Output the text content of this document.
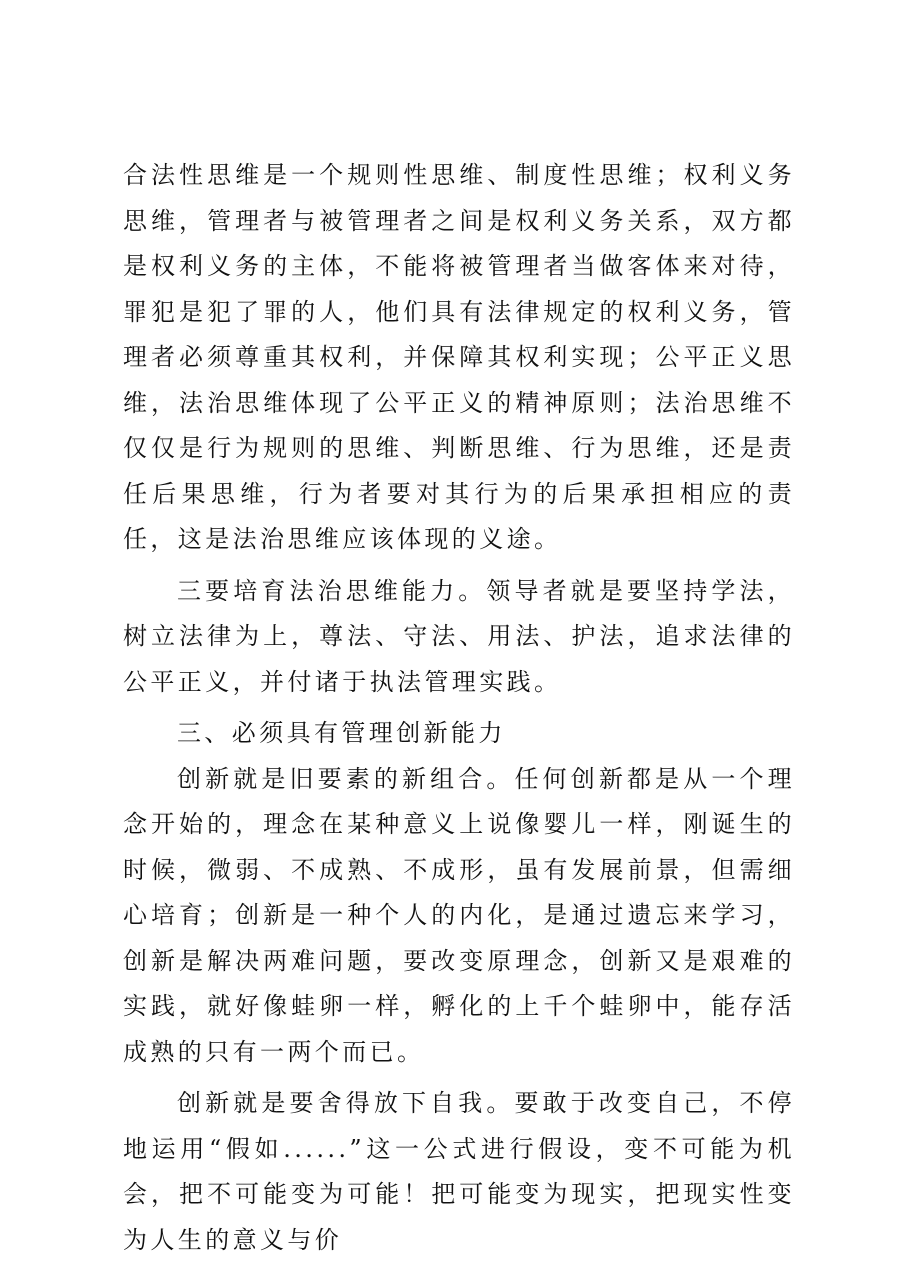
合法性思维是一个规则性思维、制度性思维；权利义务思维，管理者与被管理者之间是权利义务关系，双方都是权利义务的主体，不能将被管理者当做客体来对待，罪犯是犯了罪的人，他们具有法律规定的权利义务，管理者必须尊重其权利，并保障其权利实现；公平正义思维，法治思维体现了公平正义的精神原则；法治思维不仅仅是行为规则的思维、判断思维、行为思维，还是责任后果思维，行为者要对其行为的后果承担相应的责任，这是法治思维应该体现的义途。

三要培育法治思维能力。领导者就是要坚持学法，树立法律为上，尊法、守法、用法、护法，追求法律的公平正义，并付诸于执法管理实践。

三、必须具有管理创新能力

创新就是旧要素的新组合。任何创新都是从一个理念开始的，理念在某种意义上说像婴儿一样，刚诞生的时候，微弱、不成熟、不成形，虽有发展前景，但需细心培育；创新是一种个人的内化，是通过遗忘来学习，创新是解决两难问题，要改变原理念，创新又是艰难的实践，就好像蛙卵一样，孵化的上千个蛙卵中，能存活成熟的只有一两个而已。

创新就是要舍得放下自我。要敢于改变自己，不停地运用“假如......”这一公式进行假设，变不可能为机会，把不可能变为可能！把可能变为现实，把现实性变为人生的意义与价
